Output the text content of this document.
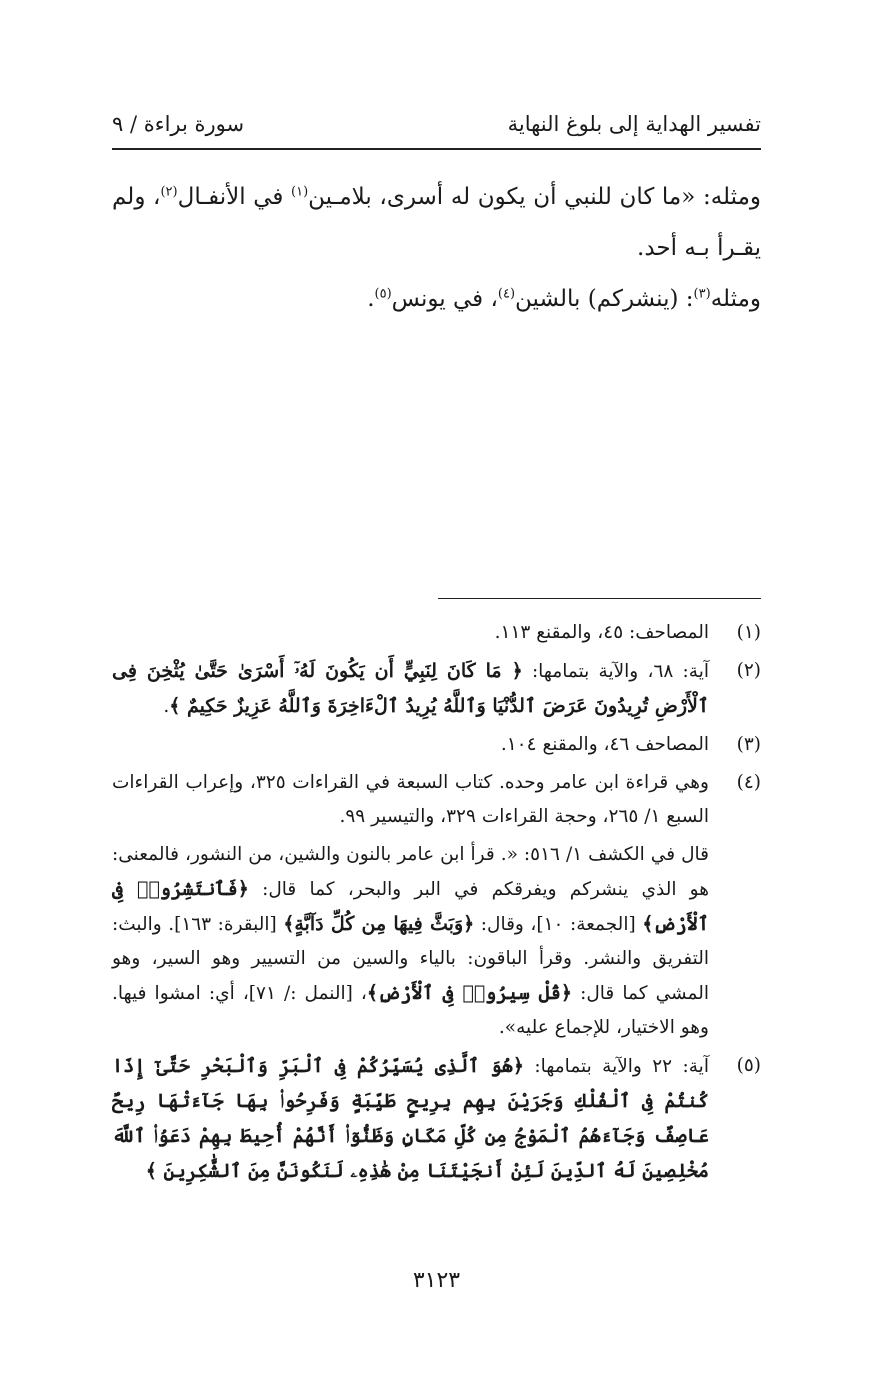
تفسير الهداية إلى بلوغ النهاية
سورة براءة / ٩

ومثله: «ما كان للنبي أن يكون له أسرى، بلامـين$^{(١)}$ في الأنفـال$^{(٢)}$، ولم يقـرأ بـه أحد.

ومثله$^{(٣)}$: (ينشركم) بالشين$^{(٤)}$، في يونس$^{(٥)}$.

(١)

المصاحف: ٤٥، والمقنع ١١٣.

(٢)

آية: ٦٨، والآية بتمامها: ﴿ مَا كَانَ لِنَبِيٍّ أَن يَكُونَ لَهُۥٓ أَسْرَىٰ حَتَّىٰ يُثْخِنَ فِى ٱلْأَرْضِ تُرِيدُونَ عَرَضَ ٱلدُّنْيَا وَٱللَّهُ يُرِيدُ ٱلْءَاخِرَةَ وَٱللَّهُ عَزِيزٌ حَكِيمٌ ﴾.

(٣)

المصاحف ٤٦، والمقنع ١٠٤.

(٤)

وهي قراءة ابن عامر وحده. كتاب السبعة في القراءات ٣٢٥، وإعراب القراءات السبع ١/ ٢٦٥، وحجة القراءات ٣٢٩، والتيسير ٩٩.

قال في الكشف ١/ ٥١٦: «. قرأ ابن عامر بالنون والشين، من النشور، فالمعنى: هو الذي ينشركم ويفرقكم في البر والبحر، كما قال: ﴿فَٱنتَشِرُوا۟ فِى ٱلْأَرْضِ﴾ [الجمعة: ١٠]، وقال: ﴿وَبَثَّ فِيهَا مِن كُلِّ دَآبَّةٍ﴾ [البقرة: ١٦٣]. والبث: التفريق والنشر. وقرأ الباقون: بالياء والسين من التسيير وهو السير، وهو المشي كما قال: ﴿قُلْ سِيرُوا۟ فِى ٱلْأَرْضِ﴾، [النمل :/ ٧١]، أي: امشوا فيها. وهو الاختيار، للإجماع عليه».

(٥)

آية: ٢٢ والآية بتمامها: ﴿هُوَ ٱلَّذِى يُسَيِّرُكُمْ فِى ٱلْبَرِّ وَٱلْبَحْرِ حَتَّىٰٓ إِذَا كُنتُمْ فِى ٱلْفُلْكِ وَجَرَيْنَ بِهِم بِرِيحٍ طَيِّبَةٍ وَفَرِحُوا۟ بِهَا جَآءَتْهَا رِيحٌ عَاصِفٌ وَجَآءَهُمُ ٱلْمَوْجُ مِن كُلِّ مَكَانٍ وَظَنُّوٓا۟ أَنَّهُمْ أُحِيطَ بِهِمْ دَعَوُا۟ ٱللَّهَ مُخْلِصِينَ لَهُ ٱلدِّينَ لَئِنْ أَنجَيْتَنَا مِنْ هَٰذِهِۦ لَنَكُونَنَّ مِنَ ٱلشَّٰكِرِينَ ﴾

٣١٢٣
